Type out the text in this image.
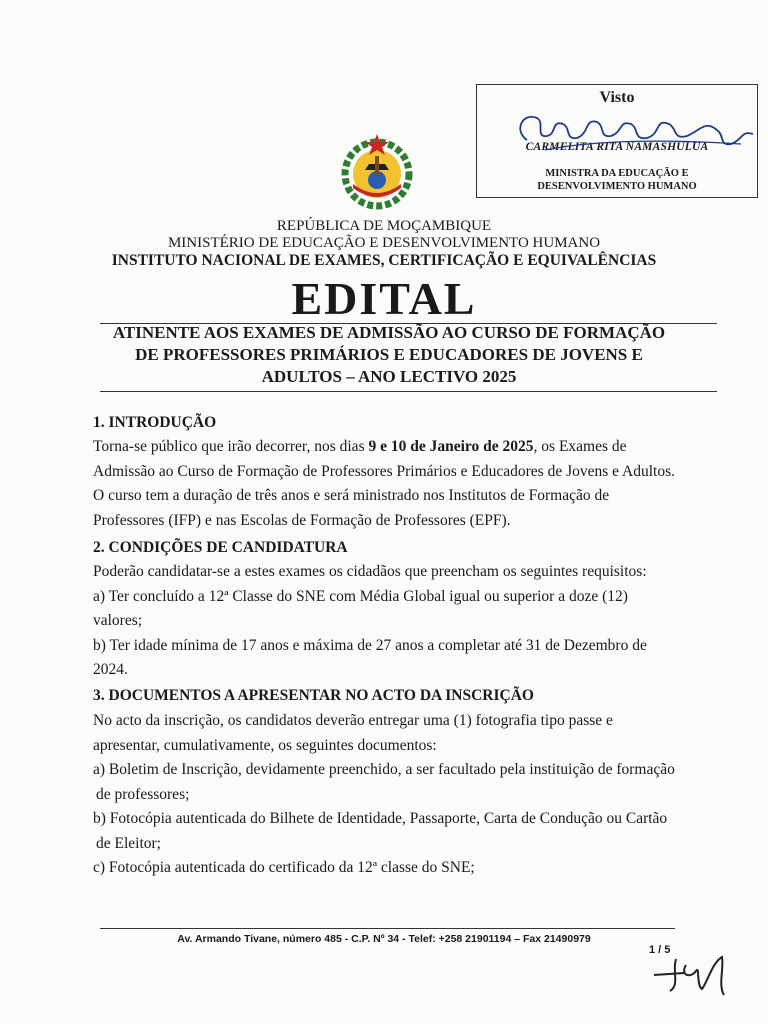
Visto
CARMELITA RITA NAMASHULUA
MINISTRA DA EDUCAÇÃO E
DESENVOLVIMENTO HUMANO
REPÚBLICA DE MOÇAMBIQUE
MINISTÉRIO DE EDUCAÇÃO E DESENVOLVIMENTO HUMANO
INSTITUTO NACIONAL DE EXAMES, CERTIFICAÇÃO E EQUIVALÊNCIAS
EDITAL
ATINENTE AOS EXAMES DE ADMISSÃO AO CURSO DE FORMAÇÃO
DE PROFESSORES PRIMÁRIOS E EDUCADORES DE JOVENS E
ADULTOS – ANO LECTIVO 2025
1. INTRODUÇÃO
Torna-se público que irão decorrer, nos dias 9 e 10 de Janeiro de 2025, os Exames de
Admissão ao Curso de Formação de Professores Primários e Educadores de Jovens e Adultos.
O curso tem a duração de três anos e será ministrado nos Institutos de Formação de
Professores (IFP) e nas Escolas de Formação de Professores (EPF).
2. CONDIÇÕES DE CANDIDATURA
Poderão candidatar-se a estes exames os cidadãos que preencham os seguintes requisitos:
a) Ter concluído a 12ª Classe do SNE com Média Global igual ou superior a doze (12)
valores;
b) Ter idade mínima de 17 anos e máxima de 27 anos a completar até 31 de Dezembro de
2024.
3. DOCUMENTOS A APRESENTAR NO ACTO DA INSCRIÇÃO
No acto da inscrição, os candidatos deverão entregar uma (1) fotografia tipo passe e
apresentar, cumulativamente, os seguintes documentos:
a) Boletim de Inscrição, devidamente preenchido, a ser facultado pela instituição de formação
de professores;
b) Fotocópia autenticada do Bilhete de Identidade, Passaporte, Carta de Condução ou Cartão
de Eleitor;
c) Fotocópia autenticada do certificado da 12ª classe do SNE;
Av. Armando Tivane, número 485 - C.P. Nº 34 - Telef: +258 21901194 – Fax 21490979
1 / 5
